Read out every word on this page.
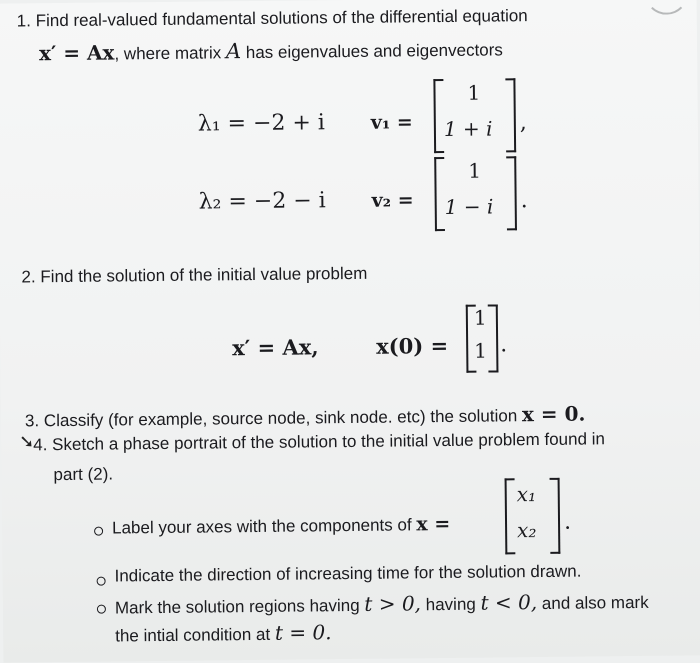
1. Find real-valued fundamental solutions of the differential equation
x′ = Ax, where matrix A has eigenvalues and eigenvectors
λ₁ = −2 + i v₁ =
1
1 + i ,
λ₂ = −2 − i v₂ =
1
1 − i .
2. Find the solution of the initial value problem
x′ = Ax,	x(0) =
1
1 .
3. Classify (for example, source node, sink node. etc) the solution x = 0.
➘
4. Sketch a phase portrait of the solution to the initial value problem found in
part (2).
Label your axes with the components of x =
x₁
x₂ .
Indicate the direction of increasing time for the solution drawn.
Mark the solution regions having t > 0, having t < 0, and also mark
the intial condition at t = 0.
